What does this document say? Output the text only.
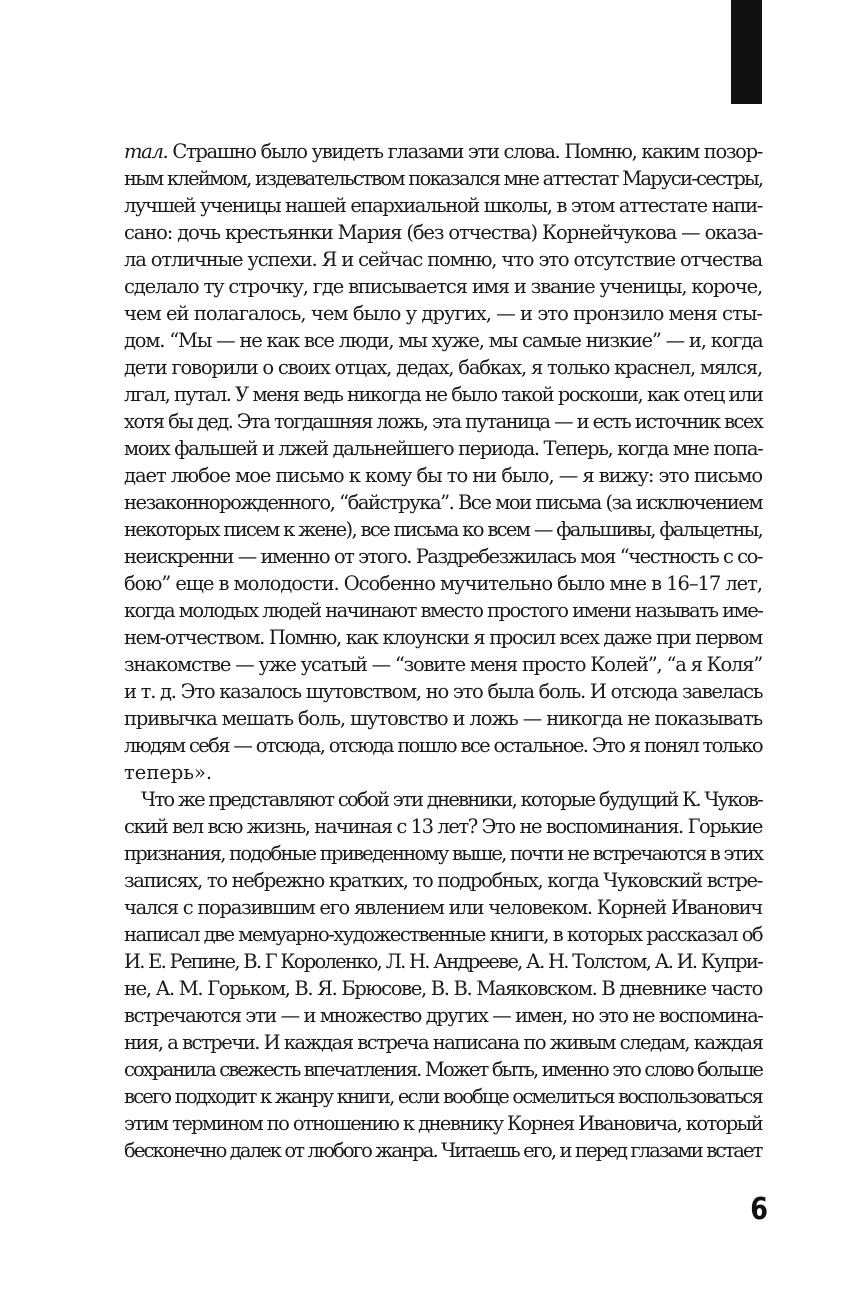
тал. Страшно было увидеть глазами эти слова. Помню, каким позор-
ным клеймом, издевательством показался мне аттестат Маруси-сестры,
лучшей ученицы нашей епархиальной школы, в этом аттестате напи-
сано: дочь крестьянки Мария (без отчества) Корнейчукова — оказа-
ла отличные успехи. Я и сейчас помню, что это отсутствие отчества
сделало ту строчку, где вписывается имя и звание ученицы, короче,
чем ей полагалось, чем было у других, — и это пронзило меня сты-
дом. “Мы — не как все люди, мы хуже, мы самые низкие” — и, когда
дети говорили о своих отцах, дедах, бабках, я только краснел, мялся,
лгал, путал. У меня ведь никогда не было такой роскоши, как отец или
хотя бы дед. Эта тогдашняя ложь, эта путаница — и есть источник всех
моих фальшей и лжей дальнейшего периода. Теперь, когда мне попа-
дает любое мое письмо к кому бы то ни было, — я вижу: это письмо
незаконнорожденного, “байструка”. Все мои письма (за исключением
некоторых писем к жене), все письма ко всем — фальшивы, фальцетны,
неискренни — именно от этого. Раздребезжилась моя “честность с со-
бою” еще в молодости. Особенно мучительно было мне в 16–17 лет,
когда молодых людей начинают вместо простого имени называть име-
нем-отчеством. Помню, как клоунски я просил всех даже при первом
знакомстве — уже усатый — “зовите меня просто Колей”, “а я Коля”
и т. д. Это казалось шутовством, но это была боль. И отсюда завелась
привычка мешать боль, шутовство и ложь — никогда не показывать
людям себя — отсюда, отсюда пошло все остальное. Это я понял только
теперь».

Что же представляют собой эти дневники, которые будущий К. Чуков-
ский вел всю жизнь, начиная с 13 лет? Это не воспоминания. Горькие
признания, подобные приведенному выше, почти не встречаются в этих
записях, то небрежно кратких, то подробных, когда Чуковский встре-
чался с поразившим его явлением или человеком. Корней Иванович
написал две мемуарно-художественные книги, в которых рассказал об
И. Е. Репине, В. Г Короленко, Л. Н. Андрееве, А. Н. Толстом, А. И. Купри-
не, А. М. Горьком, В. Я. Брюсове, В. В. Маяковском. В дневнике часто
встречаются эти — и множество других — имен, но это не воспомина-
ния, а встречи. И каждая встреча написана по живым следам, каждая
сохранила свежесть впечатления. Может быть, именно это слово больше
всего подходит к жанру книги, если вообще осмелиться воспользоваться
этим термином по отношению к дневнику Корнея Ивановича, который
бесконечно далек от любого жанра. Читаешь его, и перед глазами встает

6
